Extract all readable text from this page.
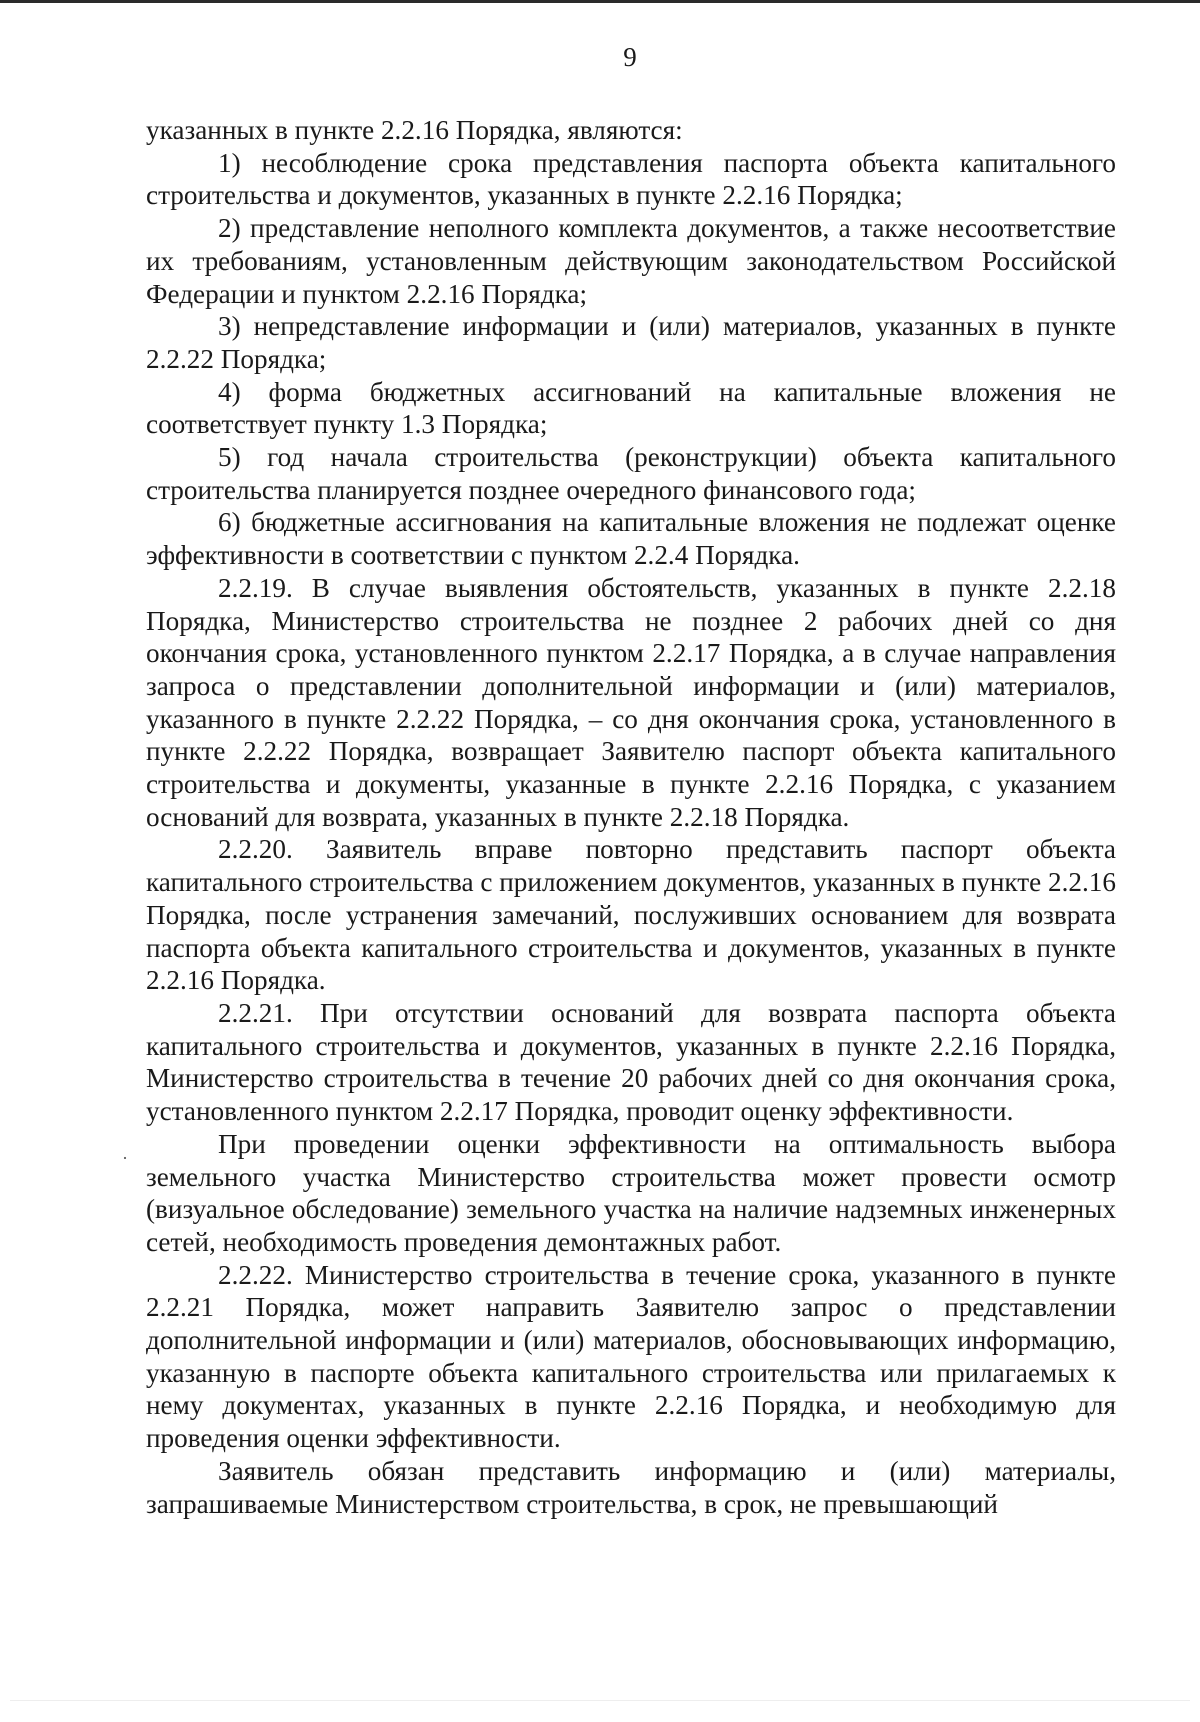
9
·

указанных в пункте 2.2.16 Порядка, являются:

1) несоблюдение срока представления паспорта объекта капитального строительства и документов, указанных в пункте 2.2.16 Порядка;

2) представление неполного комплекта документов, а также несоответствие их требованиям, установленным действующим законодательством Российской Федерации и пунктом 2.2.16 Порядка;

3) непредставление информации и (или) материалов, указанных в пункте 2.2.22 Порядка;

4) форма бюджетных ассигнований на капитальные вложения не соответствует пункту 1.3 Порядка;

5) год начала строительства (реконструкции) объекта капитального строительства планируется позднее очередного финансового года;

6) бюджетные ассигнования на капитальные вложения не подлежат оценке эффективности в соответствии с пунктом 2.2.4 Порядка.

2.2.19. В случае выявления обстоятельств, указанных в пункте 2.2.18 Порядка, Министерство строительства не позднее 2 рабочих дней со дня окончания срока, установленного пунктом 2.2.17 Порядка, а в случае направления запроса о представлении дополнительной информации и (или) материалов, указанного в пункте 2.2.22 Порядка, – со дня окончания срока, установленного в пункте 2.2.22 Порядка, возвращает Заявителю паспорт объекта капитального строительства и документы, указанные в пункте 2.2.16 Порядка, с указанием оснований для возврата, указанных в пункте 2.2.18 Порядка.

2.2.20. Заявитель вправе повторно представить паспорт объекта капитального строительства с приложением документов, указанных в пункте 2.2.16 Порядка, после устранения замечаний, послуживших основанием для возврата паспорта объекта капитального строительства и документов, указанных в пункте 2.2.16 Порядка.

2.2.21. При отсутствии оснований для возврата паспорта объекта капитального строительства и документов, указанных в пункте 2.2.16 Порядка, Министерство строительства в течение 20 рабочих дней со дня окончания срока, установленного пунктом 2.2.17 Порядка, проводит оценку эффективности.

При проведении оценки эффективности на оптимальность выбора земельного участка Министерство строительства может провести осмотр (визуальное обследование) земельного участка на наличие надземных инженерных сетей, необходимость проведения демонтажных работ.

2.2.22. Министерство строительства в течение срока, указанного в пункте 2.2.21 Порядка, может направить Заявителю запрос о представлении дополнительной информации и (или) материалов, обосновывающих информацию, указанную в паспорте объекта капитального строительства или прилагаемых к нему документах, указанных в пункте 2.2.16 Порядка, и необходимую для проведения оценки эффективности.

Заявитель обязан представить информацию и (или) материалы, запрашиваемые Министерством строительства, в срок, не превышающий
